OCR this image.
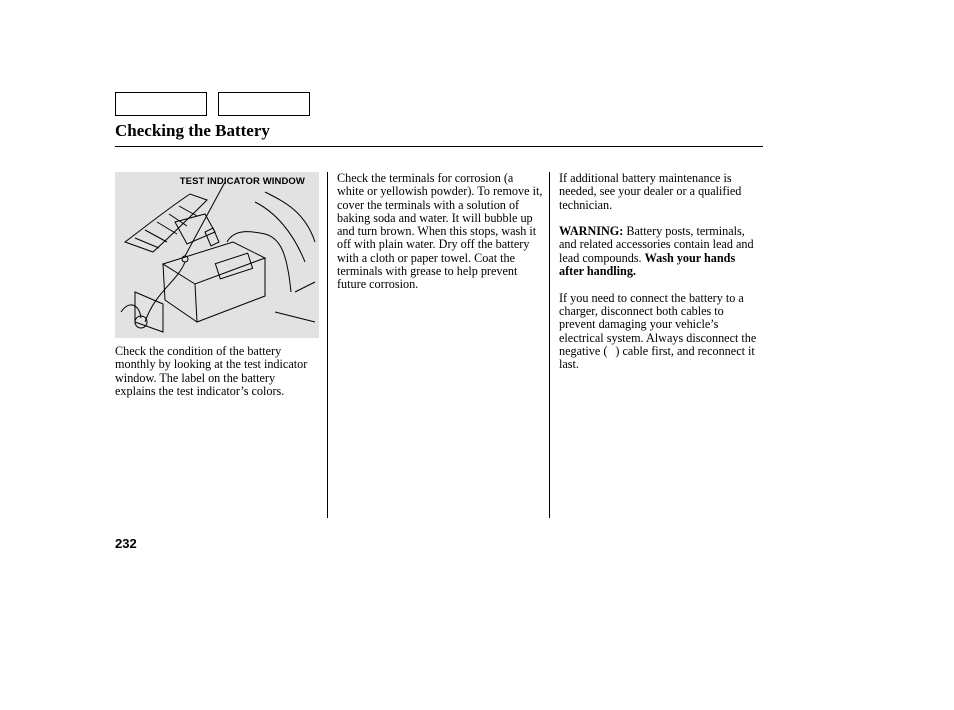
Checking the Battery
TEST INDICATOR WINDOW

Check the condition of the battery monthly by looking at the test indicator window. The label on the battery explains the test indicator’s colors.

Check the terminals for corrosion (a white or yellowish powder). To remove it, cover the terminals with a solution of baking soda and water. It will bubble up and turn brown. When this stops, wash it off with plain water. Dry off the battery with a cloth or paper towel. Coat the terminals with grease to help prevent future corrosion.

If additional battery maintenance is needed, see your dealer or a qualified technician.

WARNING: Battery posts, terminals, and related accessories contain lead and lead compounds. Wash your hands after handling.

If you need to connect the battery to a charger, disconnect both cables to prevent damaging your vehicle’s electrical system. Always disconnect the negative ( ) cable first, and reconnect it last.

232
